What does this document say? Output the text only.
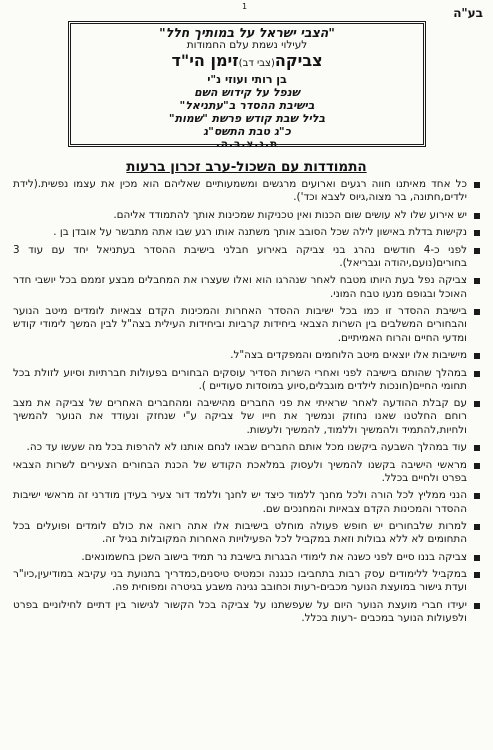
בע"ה
1
"הצבי ישראל על במותיך חלל"
לעילוי נשמת עלם החמודות
צביקה(צבי דב)זימן הי"ד
בן רותי ועוזי נ"י
שנפל על קידוש השם
בישיבת ההסדר ב"עתניאל"
בליל שבת קודש פרשת "שמות"
כ"ג טבת התשס"ג
ת.נ.צ.ב.ה.
התמודדות עם השכול-ערב זכרון ברעות
כל אחד מאיתנו חווה רגעים וארועים מרגשים ומשמעותיים שאליהם הוא מכין את עצמו נפשית.(לידת ילדים,חתונה, בר מצוה,גיוס לצבא וכד').
יש אירוע שלו לא עושים שום הכנות ואין טכניקות שמכינות אותך להתמודד אליהם.
נקישות בדלת באישון לילה שכל הסובב אותך משתנה אותו רגע שבו אתה מתבשר על אובדן בן .
לפני כ-4 חודשים נהרג בני צביקה באירוע חבלני בישיבת ההסדר בעתניאל יחד עם עוד 3 בחורים(נועם,יהודה וגבריאל).
צביקה נפל בעת היותו מטבח לאחר שנהרגו הוא ואלו שעצרו את המחבלים מבצע זממם בכל יושבי חדר האוכל ובגופם מנעו טבח המוני.
בישיבת ההסדר זו כמו בכל ישיבות ההסדר האחרות והמכינות הקדם צבאיות לומדים מיטב הנוער והבחורים המשלבים בין השרות הצבאי ביחידות קרביות וביחידות העילית בצה"ל לבין המשך לימודי קודש ומדעי החיים והרוח האמיתיים.
מישיבות אלו יוצאים מיטב הלוחמים והמפקדים בצה"ל.
במהלך שהותם בישיבה לפני ואחרי השרות הסדיר עוסקים הבחורים בפעולות חברתיות וסיוע לזולת בכל תחומי החיים(חונכות לילדים מוגבלים,סיוע במוסדות סעודיים ).
עם קבלת ההודעה לאחר שראיתי את פני החברים מהישיבה ומהחברים האחרים של צביקה את מצב רוחם החלטנו שאנו נחוזק ונמשיך את חייו של צביקה ע"י שנחזק ונעודד את הנוער להמשיך ולחיות,להתמיד ולהמשיך וללמוד, להמשיך ולעשות.
עוד במהלך השבעה ביקשנו מכל אותם החברים שבאו לנחם אותנו לא להרפות בכל מה שעשו עד כה.
מראשי הישיבה בקשנו להמשיך ולעסוק במלאכת הקודש של הכנת הבחורים הצעירים לשרות הצבאי בפרט ולחיים בכלל.
הנני ממליץ לכל הורה ולכל מחנך ללמוד כיצד יש לחנך וללמד דור צעיר בעידן מודרני זה מראשי ישיבות ההסדר והמכינות הקדם צבאיות והמחנכים שם.
למרות שלבחורים יש חופש פעולה מוחלט בישיבות אלו אתה רואה את כולם לומדים ופועלים בכל התחומים לא ללא גבולות וזאת במקביל לכל הפעילויות האחרות המקובלות בגיל זה.
צביקה בננו סיים לפני כשנה את לימודי הבגרות בישיבת נר תמיד בישוב השכן בחשמונאים.
במקביל ללימודים עסק רבות בתחביבו כנגנה וכמטיס טיסנים,כמדריך בתנועת בני עקיבא במודיעין,כיו"ר ועדת גישור במועצת הנוער מכבים-רעות וכחובב נגינה משבע בגיטרה ומפוחית פה.
יעידו חברי מועצת הנוער היום על שעפשתנו על צביקה בכל הקשור לגישור בין דתיים לחילוניים בפרט ולפעולות הנוער במכבים -רעות בכלל.
